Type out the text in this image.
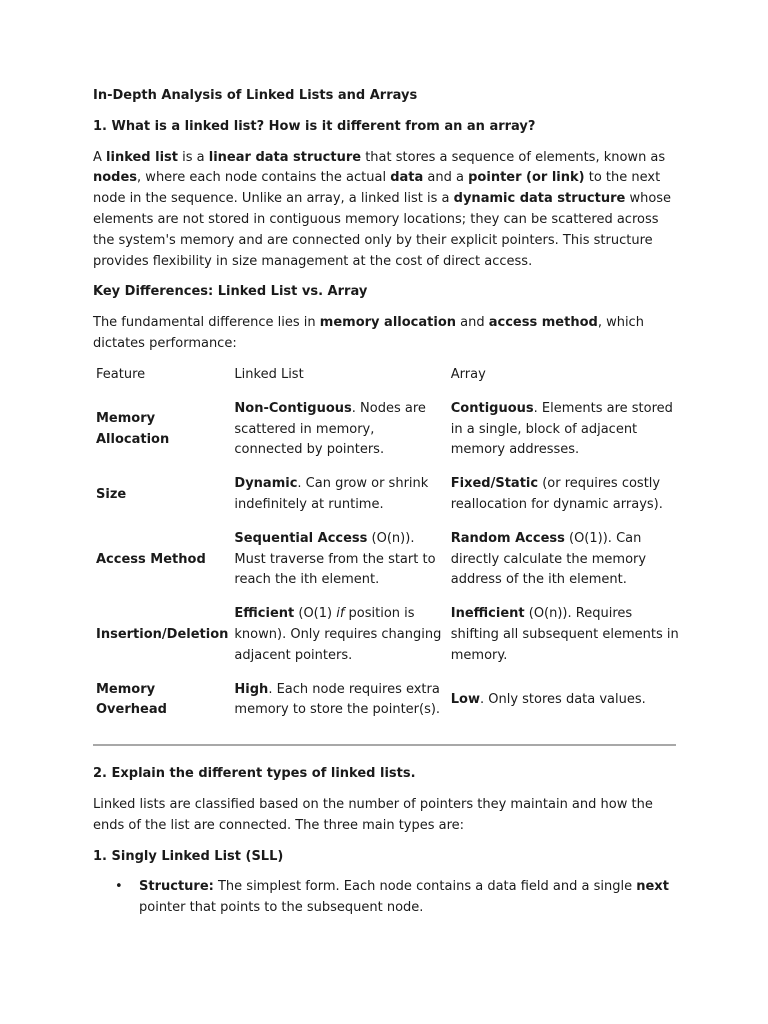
In-Depth Analysis of Linked Lists and Arrays

1. What is a linked list? How is it different from an an array?

A linked list is a linear data structure that stores a sequence of elements, known as nodes, where each node contains the actual data and a pointer (or link) to the next node in the sequence. Unlike an array, a linked list is a dynamic data structure whose elements are not stored in contiguous memory locations; they can be scattered across the system's memory and are connected only by their explicit pointers. This structure provides flexibility in size management at the cost of direct access.

Key Differences: Linked List vs. Array

The fundamental difference lies in memory allocation and access method, which dictates performance:

Feature	Linked List	Array
Memory Allocation	Non-Contiguous. Nodes are scattered in memory, connected by pointers.	Contiguous. Elements are stored in a single, block of adjacent memory addresses.
Size	Dynamic. Can grow or shrink indefinitely at runtime.	Fixed/Static (or requires costly reallocation for dynamic arrays).
Access Method	Sequential Access (O(n)). Must traverse from the start to reach the ith element.	Random Access (O(1)). Can directly calculate the memory address of the ith element.
Insertion/Deletion	Efficient (O(1) if position is known). Only requires changing adjacent pointers.	Inefficient (O(n)). Requires shifting all subsequent elements in memory.
Memory Overhead	High. Each node requires extra memory to store the pointer(s).	Low. Only stores data values.

2. Explain the different types of linked lists.

Linked lists are classified based on the number of pointers they maintain and how the ends of the list are connected. The three main types are:

1. Singly Linked List (SLL)

• Structure: The simplest form. Each node contains a data field and a single next pointer that points to the subsequent node.
